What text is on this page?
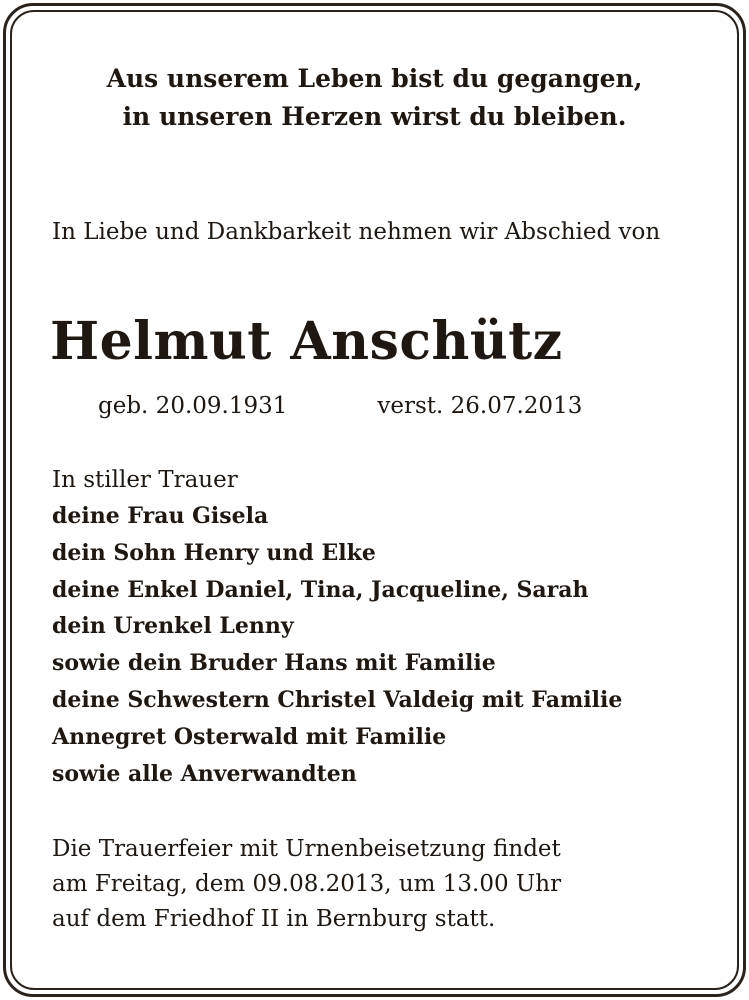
Aus unserem Leben bist du gegangen,
in unseren Herzen wirst du bleiben.
In Liebe und Dankbarkeit nehmen wir Abschied von
Helmut Anschütz
geb. 20.09.1931	verst. 26.07.2013
In stiller Trauer
deine Frau Gisela
dein Sohn Henry und Elke
deine Enkel Daniel, Tina, Jacqueline, Sarah
dein Urenkel Lenny
sowie dein Bruder Hans mit Familie
deine Schwestern Christel Valdeig mit Familie
Annegret Osterwald mit Familie
sowie alle Anverwandten
Die Trauerfeier mit Urnenbeisetzung findet
am Freitag, dem 09.08.2013, um 13.00 Uhr
auf dem Friedhof II in Bernburg statt.
